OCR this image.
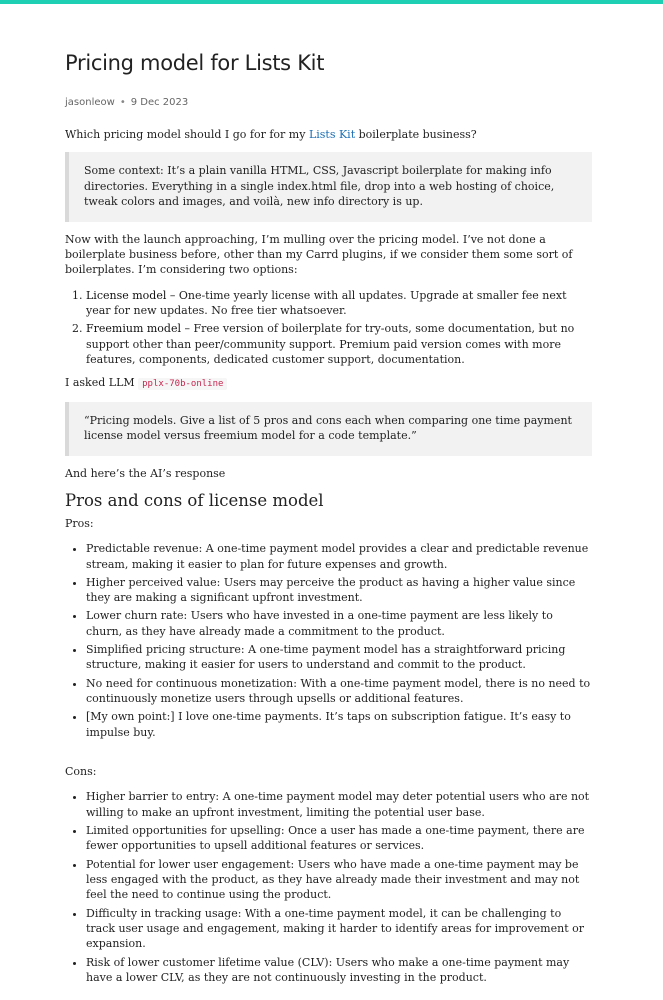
Pricing model for Lists Kit
jasonleow • 9 Dec 2023

Which pricing model should I go for for my Lists Kit boilerplate business?

Some context: It’s a plain vanilla HTML, CSS, Javascript boilerplate for making info directories. Everything in a single index.html file, drop into a web hosting of choice, tweak colors and images, and voilà, new info directory is up.

Now with the launch approaching, I’m mulling over the pricing model. I’ve not done a boilerplate business before, other than my Carrd plugins, if we consider them some sort of boilerplates. I’m considering two options:

1. License model – One-time yearly license with all updates. Upgrade at smaller fee next year for new updates. No free tier whatsoever.
2. Freemium model – Free version of boilerplate for try-outs, some documentation, but no support other than peer/community support. Premium paid version comes with more features, components, dedicated customer support, documentation.

I asked LLM pplx-70b-online

“Pricing models. Give a list of 5 pros and cons each when comparing one time payment license model versus freemium model for a code template.”

And here’s the AI’s response

Pros and cons of license model

Pros:

• Predictable revenue: A one-time payment model provides a clear and predictable revenue stream, making it easier to plan for future expenses and growth.
• Higher perceived value: Users may perceive the product as having a higher value since they are making a significant upfront investment.
• Lower churn rate: Users who have invested in a one-time payment are less likely to churn, as they have already made a commitment to the product.
• Simplified pricing structure: A one-time payment model has a straightforward pricing structure, making it easier for users to understand and commit to the product.
• No need for continuous monetization: With a one-time payment model, there is no need to continuously monetize users through upsells or additional features.
• [My own point:] I love one-time payments. It’s taps on subscription fatigue. It’s easy to impulse buy.

Cons:

• Higher barrier to entry: A one-time payment model may deter potential users who are not willing to make an upfront investment, limiting the potential user base.
• Limited opportunities for upselling: Once a user has made a one-time payment, there are fewer opportunities to upsell additional features or services.
• Potential for lower user engagement: Users who have made a one-time payment may be less engaged with the product, as they have already made their investment and may not feel the need to continue using the product.
• Difficulty in tracking usage: With a one-time payment model, it can be challenging to track user usage and engagement, making it harder to identify areas for improvement or expansion.
• Risk of lower customer lifetime value (CLV): Users who make a one-time payment may have a lower CLV, as they are not continuously investing in the product.
